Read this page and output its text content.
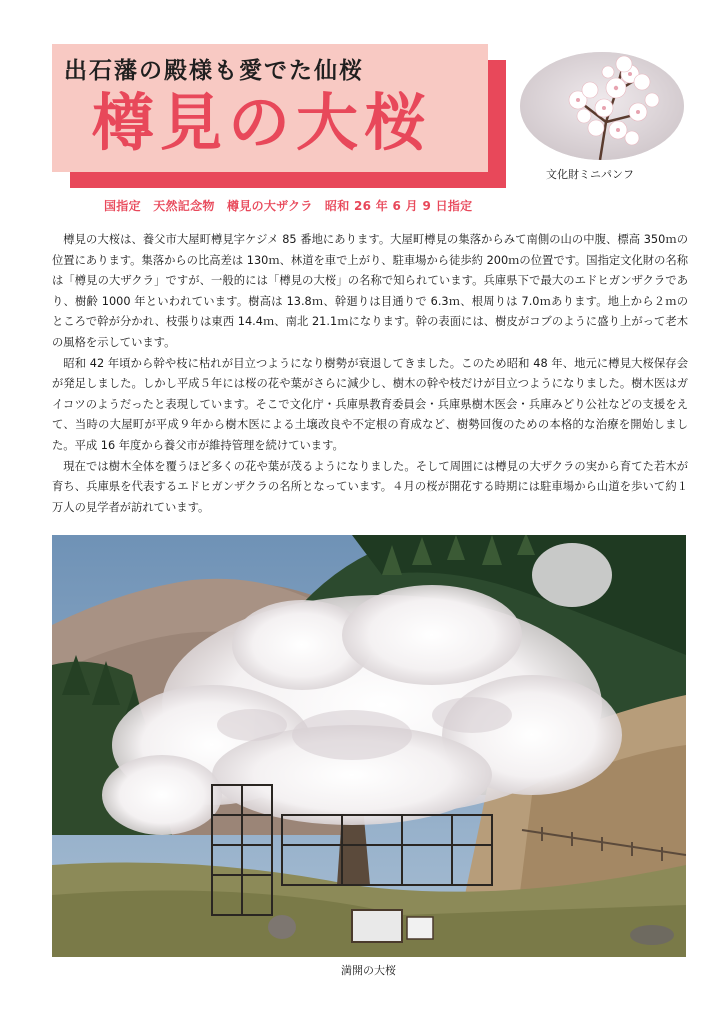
出石藩の殿様も愛でた仙桜
樽見の大桜
文化財ミニパンフ
国指定　天然記念物　樽見の大ザクラ　昭和 26 年 6 月 9 日指定

樽見の大桜は、養父市大屋町樽見字ケジメ 85 番地にあります。大屋町樽見の集落からみて南側の山の中腹、標高 350ｍの位置にあります。集落からの比高差は 130ｍ、林道を車で上がり、駐車場から徒歩約 200ｍの位置です。国指定文化財の名称は「樽見の大ザクラ」ですが、一般的には「樽見の大桜」の名称で知られています。兵庫県下で最大のエドヒガンザクラであり、樹齢 1000 年といわれています。樹高は 13.8ｍ、幹廻りは目通りで 6.3ｍ、根周りは 7.0ｍあります。地上から２ｍのところで幹が分かれ、枝張りは東西 14.4ｍ、南北 21.1ｍになります。幹の表面には、樹皮がコブのように盛り上がって老木の風格を示しています。

昭和 42 年頃から幹や枝に枯れが目立つようになり樹勢が衰退してきました。このため昭和 48 年、地元に樽見大桜保存会が発足しました。しかし平成５年には桜の花や葉がさらに減少し、樹木の幹や枝だけが目立つようになりました。樹木医はガイコツのようだったと表現しています。そこで文化庁・兵庫県教育委員会・兵庫県樹木医会・兵庫みどり公社などの支援をえて、当時の大屋町が平成９年から樹木医による土壌改良や不定根の育成など、樹勢回復のための本格的な治療を開始しました。平成 16 年度から養父市が維持管理を続けています。

現在では樹木全体を覆うほど多くの花や葉が茂るようになりました。そして周囲には樽見の大ザクラの実から育てた若木が育ち、兵庫県を代表するエドヒガンザクラの名所となっています。４月の桜が開花する時期には駐車場から山道を歩いて約１万人の見学者が訪れています。

満開の大桜
